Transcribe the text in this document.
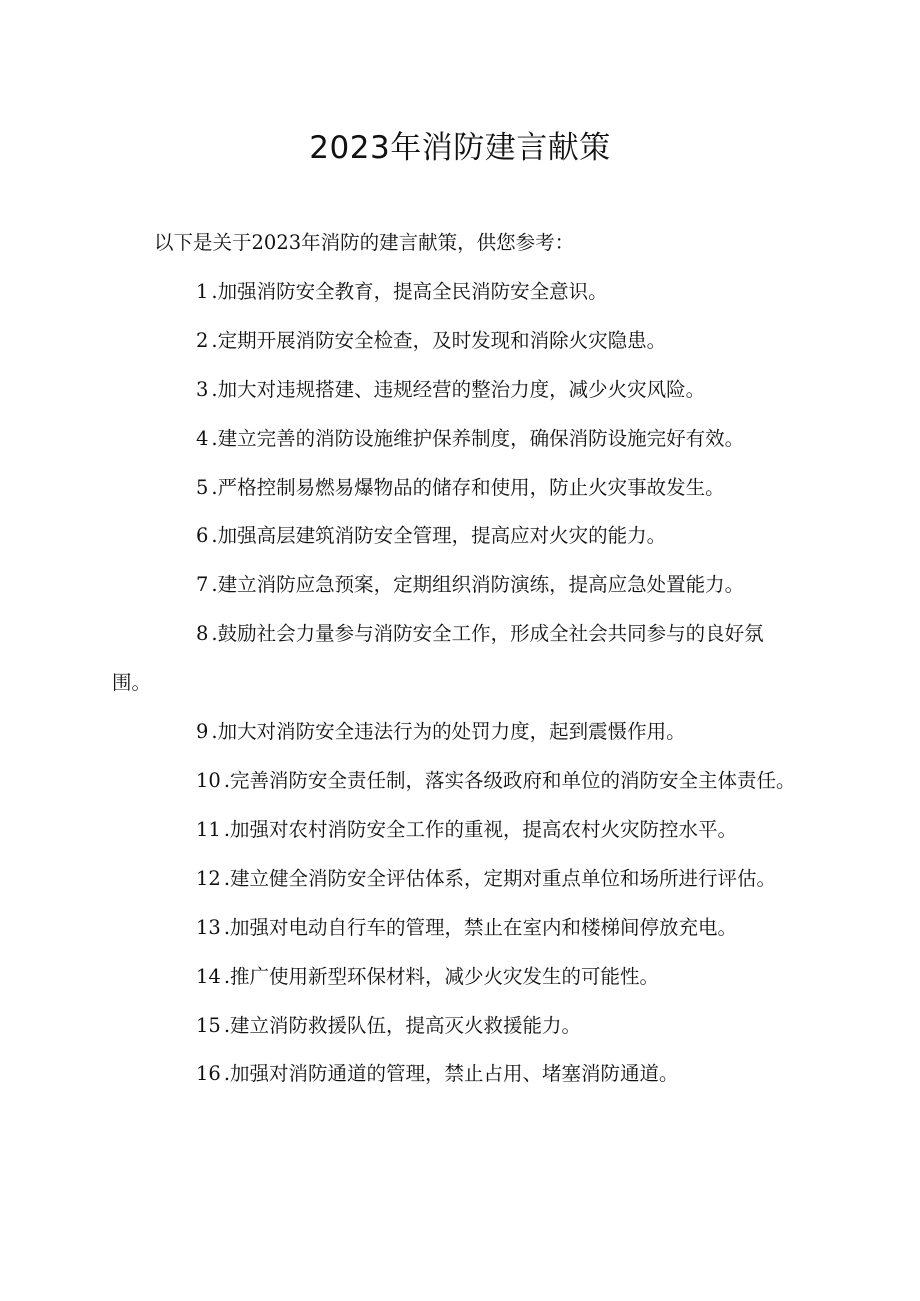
2023年消防建言献策

以下是关于2023年消防的建言献策，供您参考：

1 .加强消防安全教育，提高全民消防安全意识。

2 .定期开展消防安全检查，及时发现和消除火灾隐患。

3 .加大对违规搭建、违规经营的整治力度，减少火灾风险。

4 .建立完善的消防设施维护保养制度，确保消防设施完好有效。

5 .严格控制易燃易爆物品的储存和使用，防止火灾事故发生。

6 .加强高层建筑消防安全管理，提高应对火灾的能力。

7 .建立消防应急预案，定期组织消防演练，提高应急处置能力。

8 .鼓励社会力量参与消防安全工作，形成全社会共同参与的良好氛围。

9 .加大对消防安全违法行为的处罚力度，起到震慑作用。

10 .完善消防安全责任制，落实各级政府和单位的消防安全主体责任。

11 .加强对农村消防安全工作的重视，提高农村火灾防控水平。

12 .建立健全消防安全评估体系，定期对重点单位和场所进行评估。

13 .加强对电动自行车的管理，禁止在室内和楼梯间停放充电。

14 .推广使用新型环保材料，减少火灾发生的可能性。

15 .建立消防救援队伍，提高灭火救援能力。

16 .加强对消防通道的管理，禁止占用、堵塞消防通道。
